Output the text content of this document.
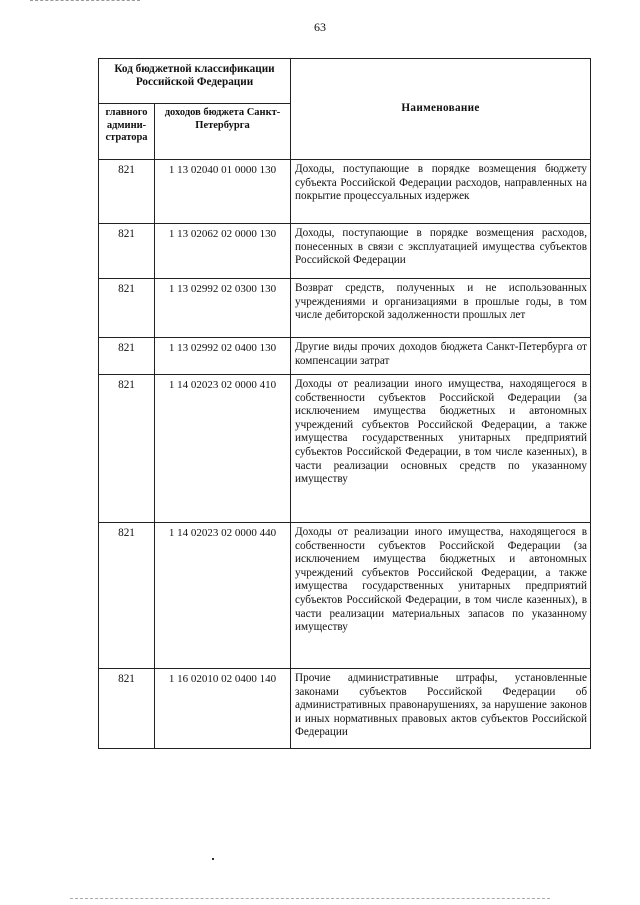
63
Код бюджетной классификации Российской Федерации		Наименование
главного админи-стратора	доходов бюджета Санкт-Петербурга	
821	1 13 02040 01 0000 130	Доходы, поступающие в порядке возмещения бюджету субъекта Российской Федерации расходов, направленных на покрытие процессуальных издержек
821	1 13 02062 02 0000 130	Доходы, поступающие в порядке возмещения расходов, понесенных в связи с эксплуатацией имущества субъектов Российской Федерации
821	1 13 02992 02 0300 130	Возврат средств, полученных и не использованных учреждениями и организациями в прошлые годы, в том числе дебиторской задолженности прошлых лет
821	1 13 02992 02 0400 130	Другие виды прочих доходов бюджета Санкт-Петербурга от компенсации затрат
821	1 14 02023 02 0000 410	Доходы от реализации иного имущества, находящегося в собственности субъектов Российской Федерации (за исключением имущества бюджетных и автономных учреждений субъектов Российской Федерации, а также имущества государственных унитарных предприятий субъектов Российской Федерации, в том числе казенных), в части реализации основных средств по указанному имуществу
821	1 14 02023 02 0000 440	Доходы от реализации иного имущества, находящегося в собственности субъектов Российской Федерации (за исключением имущества бюджетных и автономных учреждений субъектов Российской Федерации, а также имущества государственных унитарных предприятий субъектов Российской Федерации, в том числе казенных), в части реализации материальных запасов по указанному имуществу
821	1 16 02010 02 0400 140	Прочие административные штрафы, установленные законами субъектов Российской Федерации об административных правонарушениях, за нарушение законов и иных нормативных правовых актов субъектов Российской Федерации
